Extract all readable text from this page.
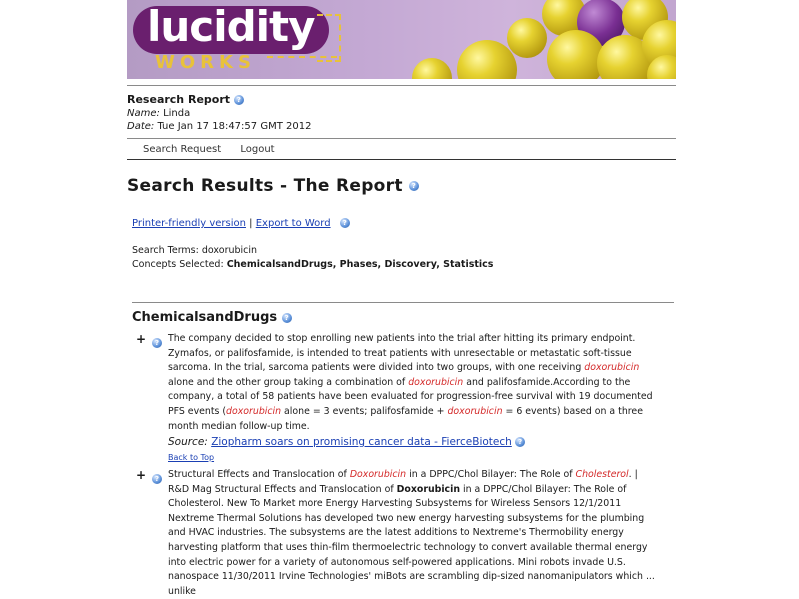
lucidity
WORKS
Research Report ?
Name: Linda
Date: Tue Jan 17 18:47:57 GMT 2012
Search Request Logout
Search Results - The Report ?
Printer-friendly version | Export to Word ?
Search Terms: doxorubicin
Concepts Selected: ChemicalsandDrugs, Phases, Discovery, Statistics
ChemicalsandDrugs ?
+	? The company decided to stop enrolling new patients into the trial after hitting its primary endpoint. Zymafos, or palifosfamide, is intended to treat patients with unresectable or metastatic soft-tissue sarcoma. In the trial, sarcoma patients were divided into two groups, with one receiving doxorubicin alone and the other group taking a combination of doxorubicin and palifosfamide.According to the company, a total of 58 patients have been evaluated for progression-free survival with 19 documented PFS events (doxorubicin alone = 3 events; palifosfamide + doxorubicin = 6 events) based on a three month median follow-up time.
Source: Ziopharm soars on promising cancer data - FierceBiotech ?
Back to Top
+	? Structural Effects and Translocation of Doxorubicin in a DPPC/Chol Bilayer: The Role of Cholesterol. | R&D Mag Structural Effects and Translocation of Doxorubicin in a DPPC/Chol Bilayer: The Role of Cholesterol. New To Market more Energy Harvesting Subsystems for Wireless Sensors 12/1/2011 Nextreme Thermal Solutions has developed two new energy harvesting subsystems for the plumbing and HVAC industries. The subsystems are the latest additions to Nextreme's Thermobility energy harvesting platform that uses thin-film thermoelectric technology to convert available thermal energy into electric power for a variety of autonomous self-powered applications. Mini robots invade U.S. nanospace 11/30/2011 Irvine Technologies' miBots are scrambling dip-sized nanomanipulators which ... unlike
